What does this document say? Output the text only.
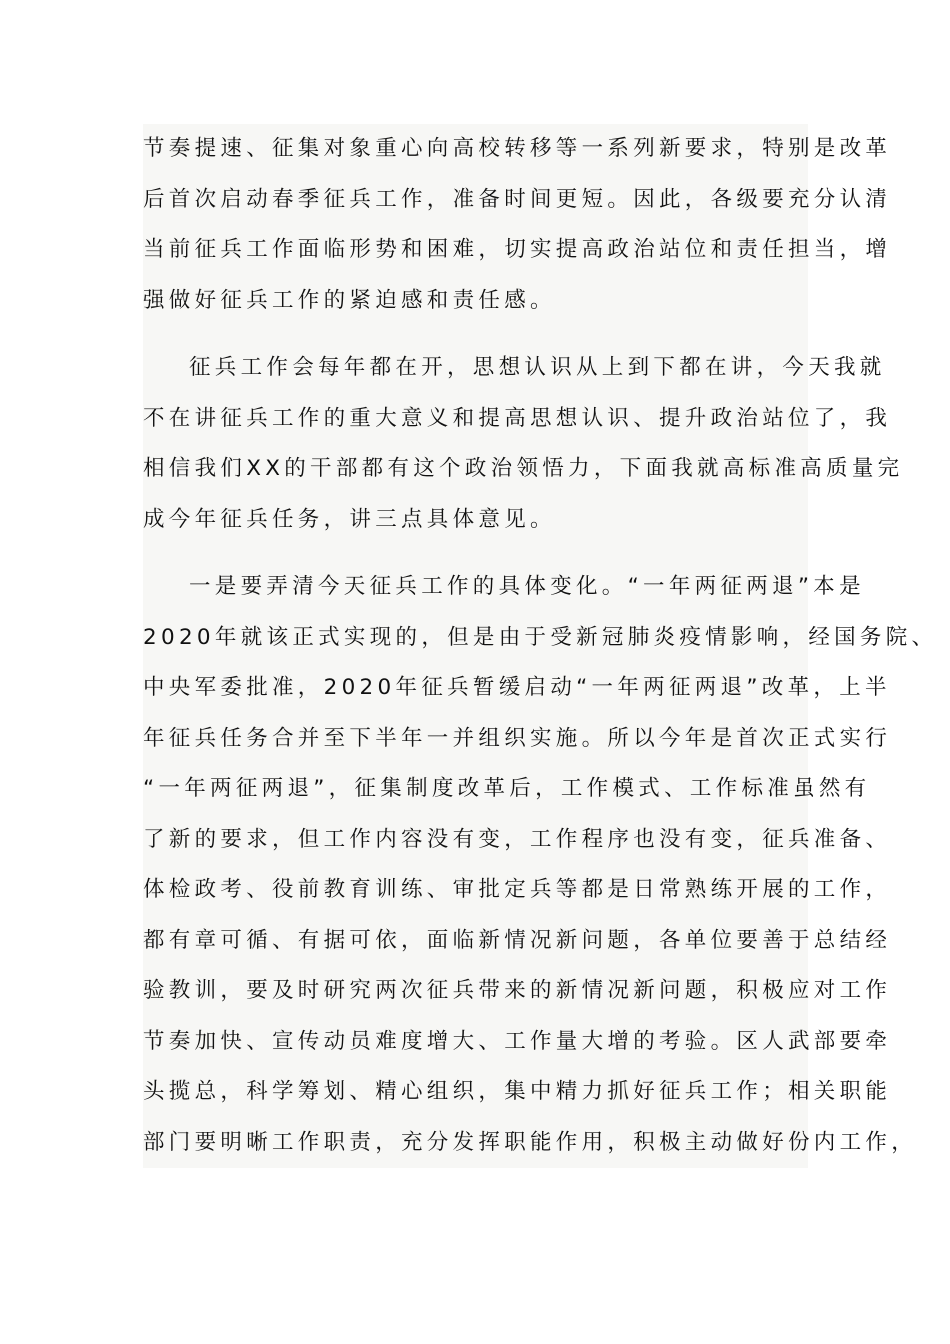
节奏提速、征集对象重心向高校转移等一系列新要求，特别是改革
后首次启动春季征兵工作，准备时间更短。因此，各级要充分认清
当前征兵工作面临形势和困难，切实提高政治站位和责任担当，增
强做好征兵工作的紧迫感和责任感。
征兵工作会每年都在开，思想认识从上到下都在讲，今天我就
不在讲征兵工作的重大意义和提高思想认识、提升政治站位了，我
相信我们XX的干部都有这个政治领悟力，下面我就高标准高质量完
成今年征兵任务，讲三点具体意见。
一是要弄清今天征兵工作的具体变化。“一年两征两退”本是
2020年就该正式实现的，但是由于受新冠肺炎疫情影响，经国务院、
中央军委批准，2020年征兵暂缓启动“一年两征两退”改革，上半
年征兵任务合并至下半年一并组织实施。所以今年是首次正式实行
“一年两征两退”，征集制度改革后，工作模式、工作标准虽然有
了新的要求，但工作内容没有变，工作程序也没有变，征兵准备、
体检政考、役前教育训练、审批定兵等都是日常熟练开展的工作，
都有章可循、有据可依，面临新情况新问题，各单位要善于总结经
验教训，要及时研究两次征兵带来的新情况新问题，积极应对工作
节奏加快、宣传动员难度增大、工作量大增的考验。区人武部要牵
头揽总，科学筹划、精心组织，集中精力抓好征兵工作；相关职能
部门要明晰工作职责，充分发挥职能作用，积极主动做好份内工作，
